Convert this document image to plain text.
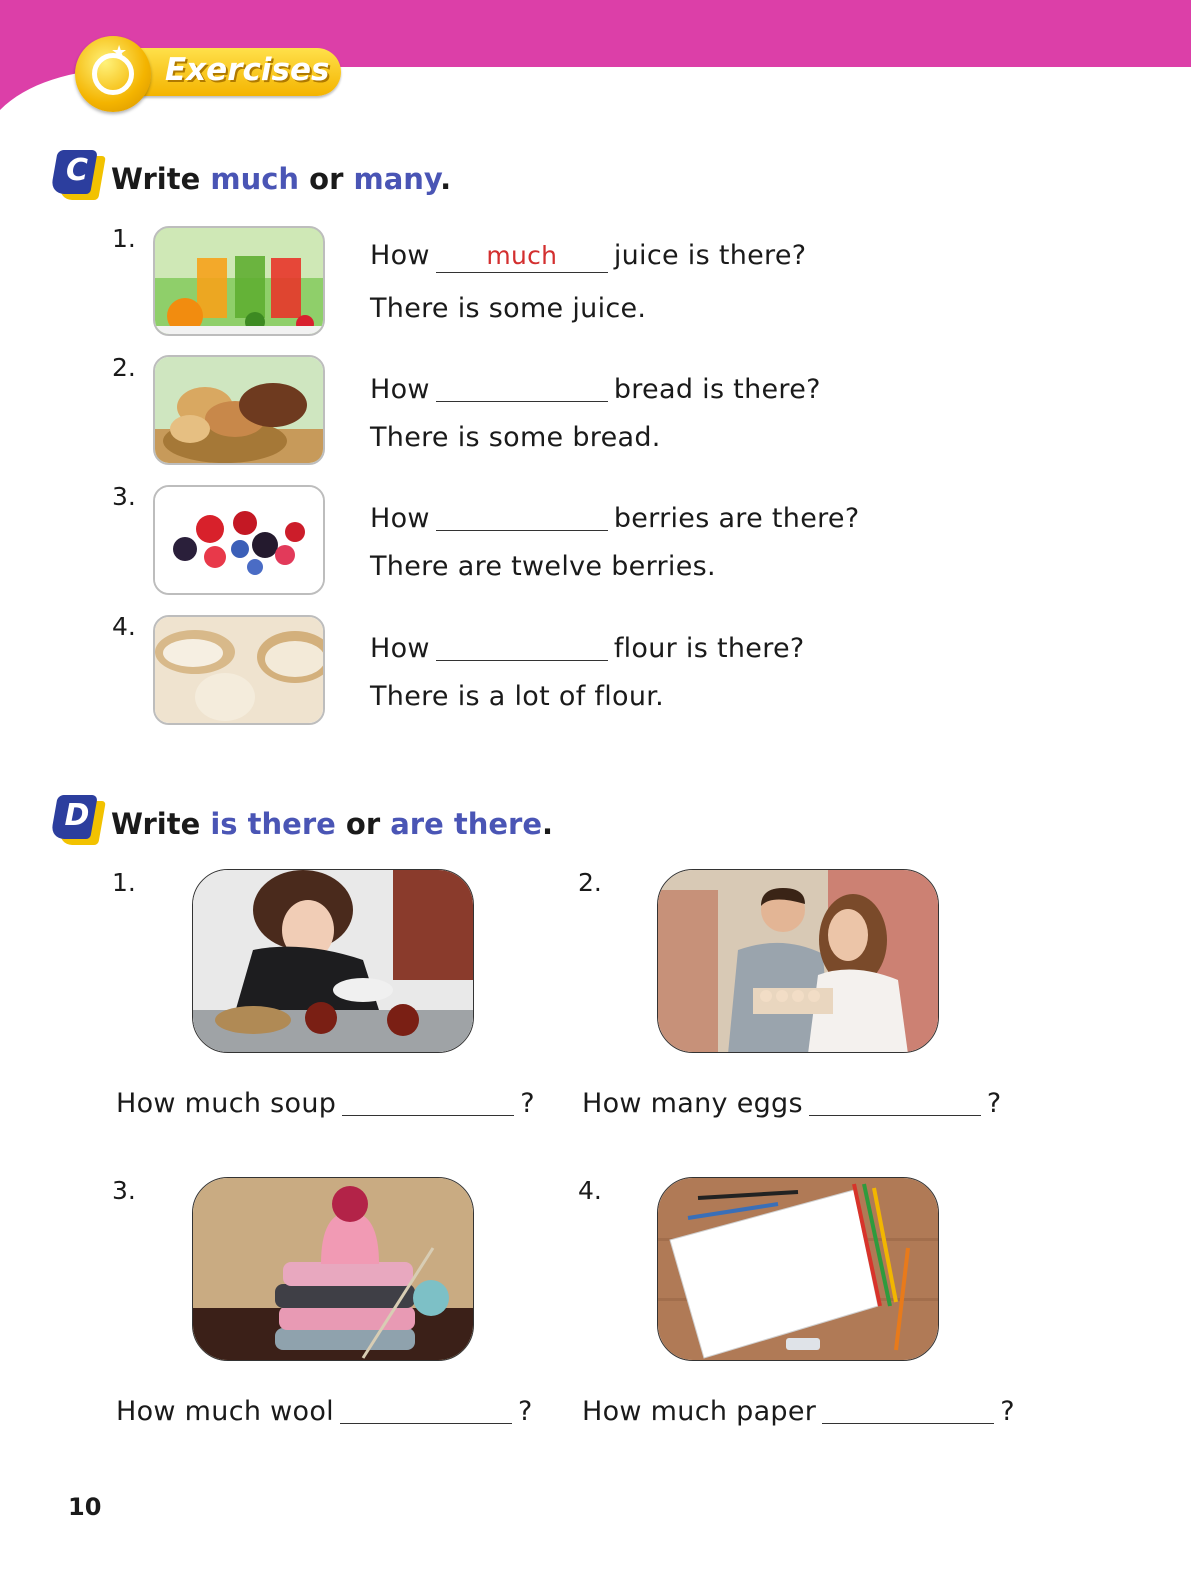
★ Exercises
C Write much or many.
1.
How much juice is there?
There is some juice.
2.
How	bread is there?
There is some bread.
3.
How	berries are there?
There are twelve berries.
4.
How	flour is there?
There is a lot of flour.
D Write is there or are there.
1.
How much soup	?
2.
How many eggs	?
3.
How much wool	?
4.
How much paper	?
10
